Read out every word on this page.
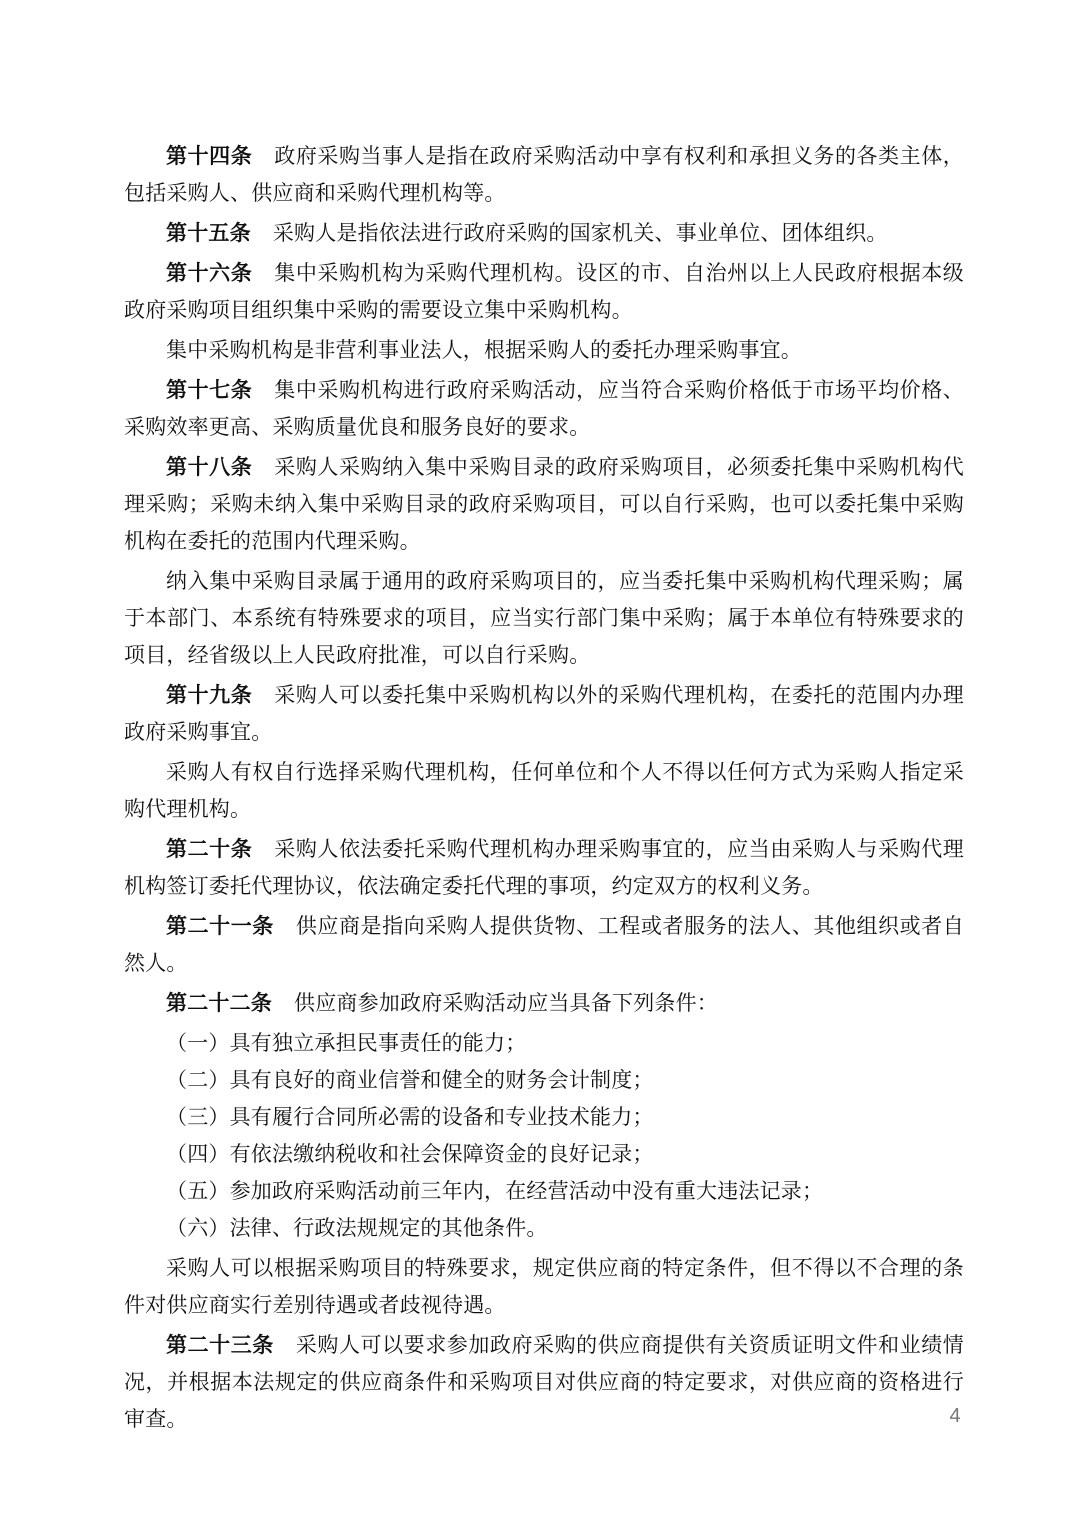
第十四条 政府采购当事人是指在政府采购活动中享有权利和承担义务的各类主体，包括采购人、供应商和采购代理机构等。

第十五条 采购人是指依法进行政府采购的国家机关、事业单位、团体组织。

第十六条 集中采购机构为采购代理机构。设区的市、自治州以上人民政府根据本级政府采购项目组织集中采购的需要设立集中采购机构。

集中采购机构是非营利事业法人，根据采购人的委托办理采购事宜。

第十七条 集中采购机构进行政府采购活动，应当符合采购价格低于市场平均价格、采购效率更高、采购质量优良和服务良好的要求。

第十八条 采购人采购纳入集中采购目录的政府采购项目，必须委托集中采购机构代理采购；采购未纳入集中采购目录的政府采购项目，可以自行采购，也可以委托集中采购机构在委托的范围内代理采购。

纳入集中采购目录属于通用的政府采购项目的，应当委托集中采购机构代理采购；属于本部门、本系统有特殊要求的项目，应当实行部门集中采购；属于本单位有特殊要求的项目，经省级以上人民政府批准，可以自行采购。

第十九条 采购人可以委托集中采购机构以外的采购代理机构，在委托的范围内办理政府采购事宜。

采购人有权自行选择采购代理机构，任何单位和个人不得以任何方式为采购人指定采购代理机构。

第二十条 采购人依法委托采购代理机构办理采购事宜的，应当由采购人与采购代理机构签订委托代理协议，依法确定委托代理的事项，约定双方的权利义务。

第二十一条 供应商是指向采购人提供货物、工程或者服务的法人、其他组织或者自然人。

第二十二条 供应商参加政府采购活动应当具备下列条件：

（一）具有独立承担民事责任的能力；

（二）具有良好的商业信誉和健全的财务会计制度；

（三）具有履行合同所必需的设备和专业技术能力；

（四）有依法缴纳税收和社会保障资金的良好记录；

（五）参加政府采购活动前三年内，在经营活动中没有重大违法记录；

（六）法律、行政法规规定的其他条件。

采购人可以根据采购项目的特殊要求，规定供应商的特定条件，但不得以不合理的条件对供应商实行差别待遇或者歧视待遇。

第二十三条 采购人可以要求参加政府采购的供应商提供有关资质证明文件和业绩情况，并根据本法规定的供应商条件和采购项目对供应商的特定要求，对供应商的资格进行审查。	4
